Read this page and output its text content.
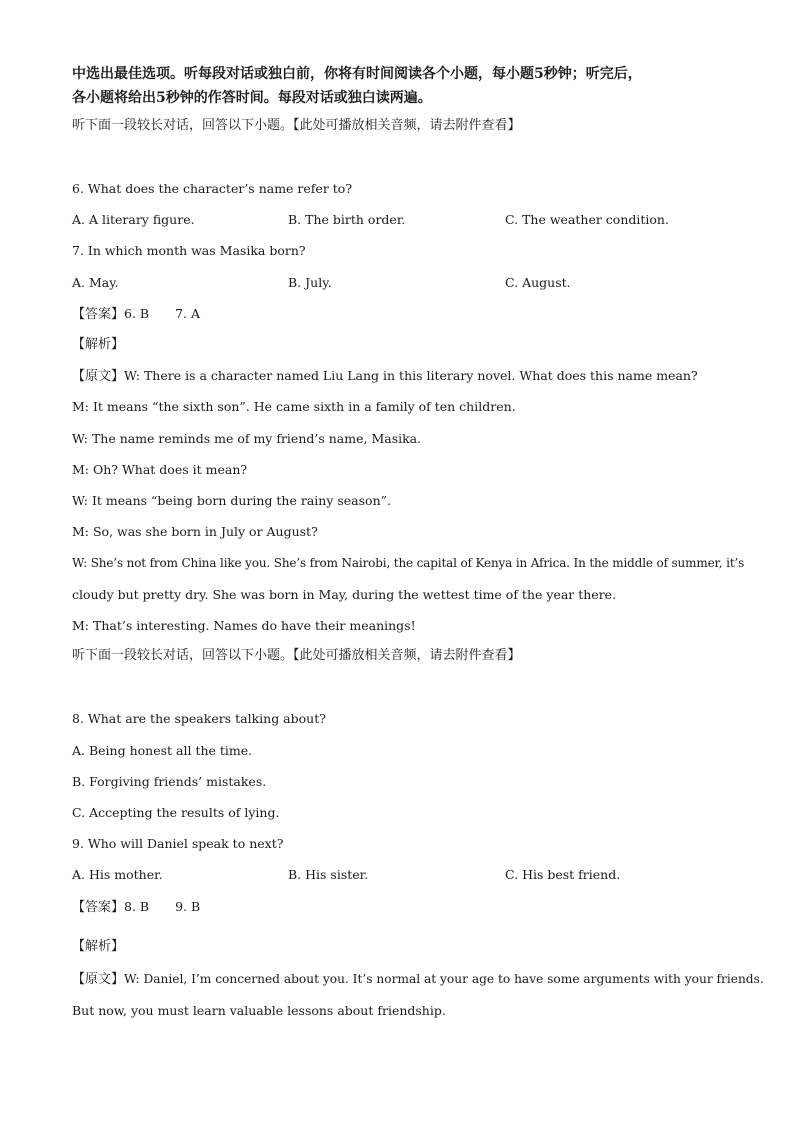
中选出最佳选项。听每段对话或独白前，你将有时间阅读各个小题，每小题5秒钟；听完后，
各小题将给出5秒钟的作答时间。每段对话或独白读两遍。
听下面一段较长对话，回答以下小题。【此处可播放相关音频，请去附件查看】
6. What does the character’s name refer to?
A. A literary figure.	B. The birth order.	C. The weather condition.
7. In which month was Masika born?
A. May.	B. July.	C. August.
【答案】6. B 7. A
【解析】
【原文】W: There is a character named Liu Lang in this literary novel. What does this name mean?
M: It means “the sixth son”. He came sixth in a family of ten children.
W: The name reminds me of my friend’s name, Masika.
M: Oh? What does it mean?
W: It means “being born during the rainy season”.
M: So, was she born in July or August?
W: She’s not from China like you. She’s from Nairobi, the capital of Kenya in Africa. In the middle of summer, it’s
cloudy but pretty dry. She was born in May, during the wettest time of the year there.
M: That’s interesting. Names do have their meanings!
听下面一段较长对话，回答以下小题。【此处可播放相关音频，请去附件查看】
8. What are the speakers talking about?
A. Being honest all the time.
B. Forgiving friends’ mistakes.
C. Accepting the results of lying.
9. Who will Daniel speak to next?
A. His mother.	B. His sister.	C. His best friend.
【答案】8. B 9. B
【解析】
【原文】W: Daniel, I’m concerned about you. It’s normal at your age to have some arguments with your friends.
But now, you must learn valuable lessons about friendship.
